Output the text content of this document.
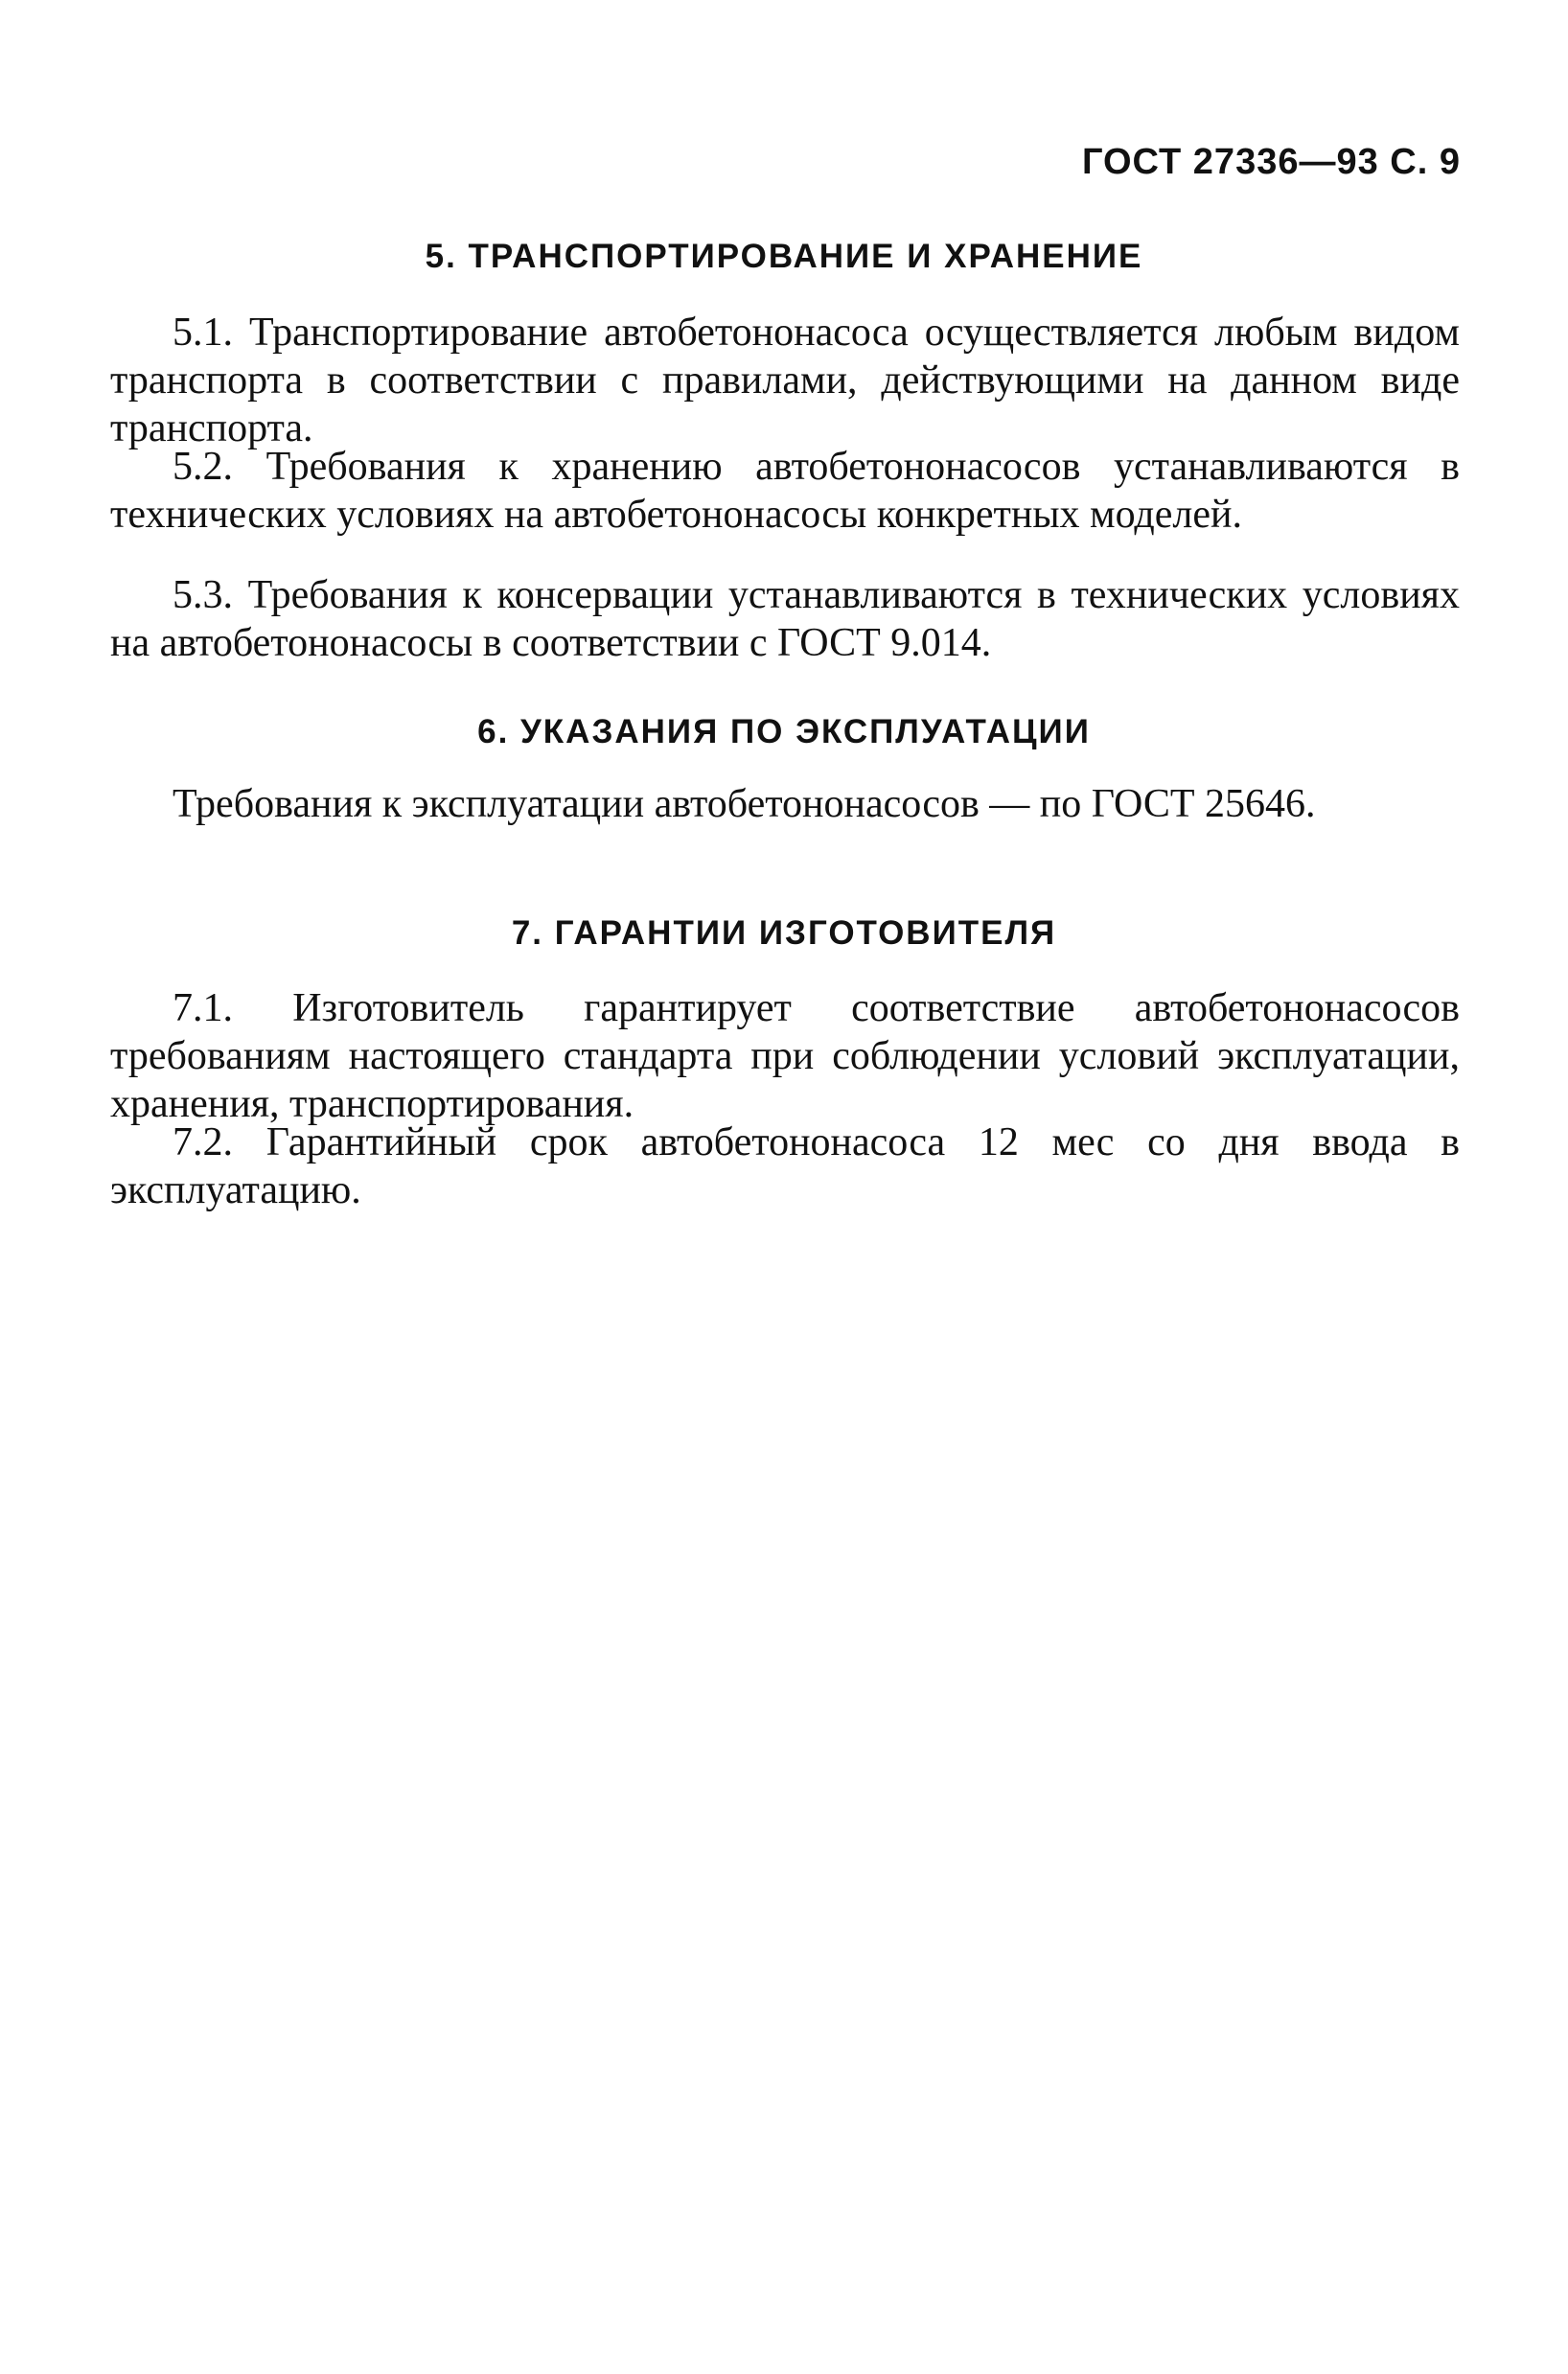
ГОСТ 27336—93 С. 9
5. ТРАНСПОРТИРОВАНИЕ И ХРАНЕНИЕ

5.1. Транспортирование автобетононасоса осуществляется любым видом транспорта в соответствии с правилами, действующими на данном виде транспорта.

5.2. Требования к хранению автобетононасосов устанавливаются в технических условиях на автобетононасосы конкретных моделей.

5.3. Требования к консервации устанавливаются в технических условиях на автобетононасосы в соответствии с ГОСТ 9.014.

6. УКАЗАНИЯ ПО ЭКСПЛУАТАЦИИ

Требования к эксплуатации автобетононасосов — по ГОСТ 25646.

7. ГАРАНТИИ ИЗГОТОВИТЕЛЯ

7.1. Изготовитель гарантирует соответствие автобетононасосов требованиям настоящего стандарта при соблюдении условий эксплуатации, хранения, транспортирования.

7.2. Гарантийный срок автобетононасоса 12 мес со дня ввода в эксплуатацию.
